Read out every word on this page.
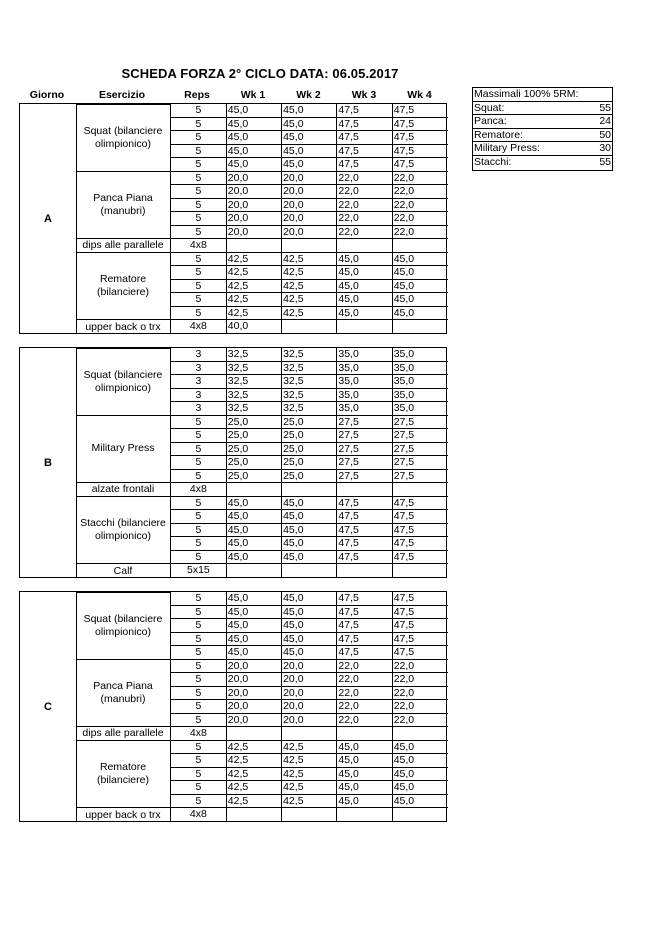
SCHEDA FORZA 2° CICLO DATA: 06.05.2017
Giorno	Esercizio	Reps	Wk 1	Wk 2	Wk 3	Wk 4
A
Squat (bilanciere olimpionico)
5	45,0	45,0	47,5	47,5
5	45,0	45,0	47,5	47,5
5	45,0	45,0	47,5	47,5
5	45,0	45,0	47,5	47,5
5	45,0	45,0	47,5	47,5
Panca Piana (manubri)
5	20,0	20,0	22,0	22,0
5	20,0	20,0	22,0	22,0
5	20,0	20,0	22,0	22,0
5	20,0	20,0	22,0	22,0
5	20,0	20,0	22,0	22,0
dips alle parallele	4x8
Rematore (bilanciere)
5	42,5	42,5	45,0	45,0
5	42,5	42,5	45,0	45,0
5	42,5	42,5	45,0	45,0
5	42,5	42,5	45,0	45,0
5	42,5	42,5	45,0	45,0
upper back o trx	4x8	40,0
B
Squat (bilanciere olimpionico)
3	32,5	32,5	35,0	35,0
3	32,5	32,5	35,0	35,0
3	32,5	32,5	35,0	35,0
3	32,5	32,5	35,0	35,0
3	32,5	32,5	35,0	35,0
Military Press
5	25,0	25,0	27,5	27,5
5	25,0	25,0	27,5	27,5
5	25,0	25,0	27,5	27,5
5	25,0	25,0	27,5	27,5
5	25,0	25,0	27,5	27,5
alzate frontali	4x8
Stacchi (bilanciere olimpionico)
5	45,0	45,0	47,5	47,5
5	45,0	45,0	47,5	47,5
5	45,0	45,0	47,5	47,5
5	45,0	45,0	47,5	47,5
5	45,0	45,0	47,5	47,5
Calf	5x15
C
Squat (bilanciere olimpionico)
5	45,0	45,0	47,5	47,5
5	45,0	45,0	47,5	47,5
5	45,0	45,0	47,5	47,5
5	45,0	45,0	47,5	47,5
5	45,0	45,0	47,5	47,5
Panca Piana (manubri)
5	20,0	20,0	22,0	22,0
5	20,0	20,0	22,0	22,0
5	20,0	20,0	22,0	22,0
5	20,0	20,0	22,0	22,0
5	20,0	20,0	22,0	22,0
dips alle parallele	4x8
Rematore (bilanciere)
5	42,5	42,5	45,0	45,0
5	42,5	42,5	45,0	45,0
5	42,5	42,5	45,0	45,0
5	42,5	42,5	45,0	45,0
5	42,5	42,5	45,0	45,0
upper back o trx	4x8
Massimali 100% 5RM:
Squat:	55
Panca:	24
Rematore:	50
Military Press:	30
Stacchi:	55
